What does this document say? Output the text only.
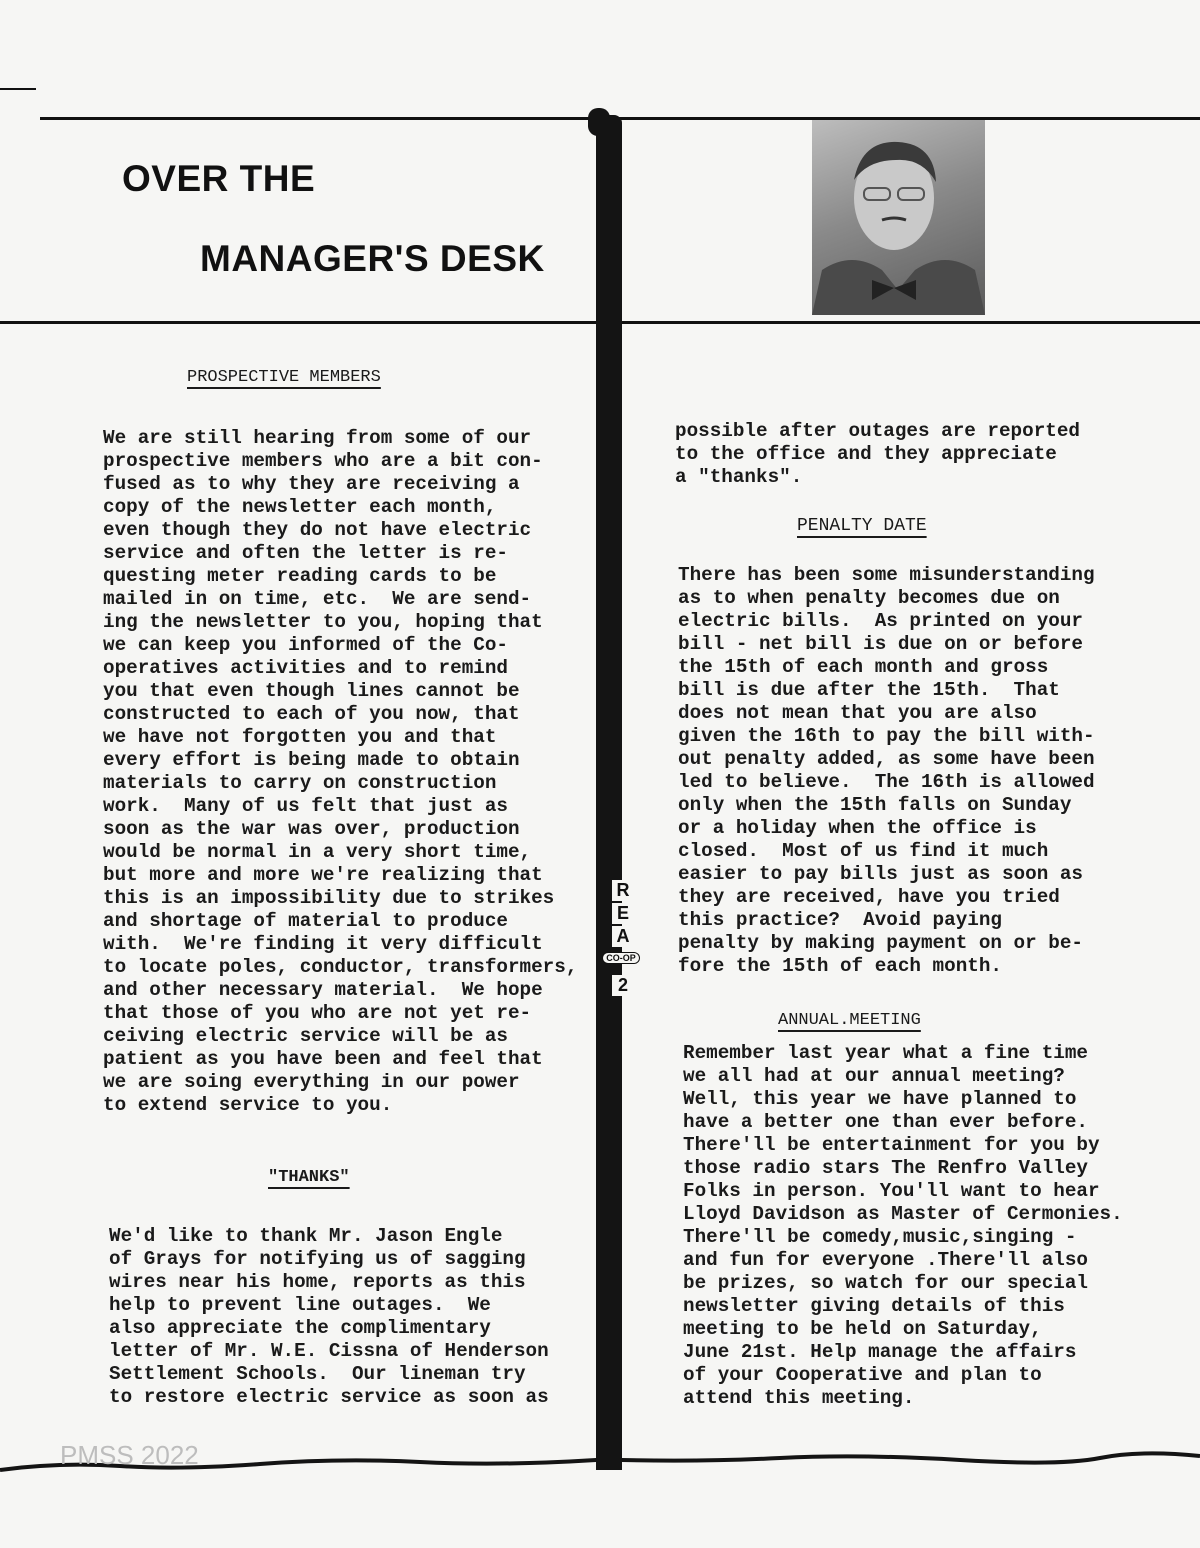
OVER THE
MANAGER'S DESK
R
E
A
CO-OP
2
PROSPECTIVE MEMBERS
We are still hearing from some of our
prospective members who are a bit con-
fused as to why they are receiving a
copy of the newsletter each month,
even though they do not have electric
service and often the letter is re-
questing meter reading cards to be
mailed in on time, etc.  We are send-
ing the newsletter to you, hoping that
we can keep you informed of the Co-
operatives activities and to remind
you that even though lines cannot be
constructed to each of you now, that
we have not forgotten you and that
every effort is being made to obtain
materials to carry on construction
work.  Many of us felt that just as
soon as the war was over, production
would be normal in a very short time,
but more and more we're realizing that
this is an impossibility due to strikes
and shortage of material to produce
with.  We're finding it very difficult
to locate poles, conductor, transformers,
and other necessary material.  We hope
that those of you who are not yet re-
ceiving electric service will be as
patient as you have been and feel that
we are soing everything in our power
to extend service to you.
"THANKS"
We'd like to thank Mr. Jason Engle
of Grays for notifying us of sagging
wires near his home, reports as this
help to prevent line outages.  We
also appreciate the complimentary
letter of Mr. W.E. Cissna of Henderson
Settlement Schools.  Our lineman try
to restore electric service as soon as
possible after outages are reported
to the office and they appreciate
a "thanks".
PENALTY DATE
There has been some misunderstanding
as to when penalty becomes due on
electric bills.  As printed on your
bill - net bill is due on or before
the 15th of each month and gross
bill is due after the 15th.  That
does not mean that you are also
given the 16th to pay the bill with-
out penalty added, as some have been
led to believe.  The 16th is allowed
only when the 15th falls on Sunday
or a holiday when the office is
closed.  Most of us find it much
easier to pay bills just as soon as
they are received, have you tried
this practice?  Avoid paying
penalty by making payment on or be-
fore the 15th of each month.
ANNUAL.MEETING
Remember last year what a fine time
we all had at our annual meeting?
Well, this year we have planned to
have a better one than ever before.
There'll be entertainment for you by
those radio stars The Renfro Valley
Folks in person. You'll want to hear
Lloyd Davidson as Master of Cermonies.
There'll be comedy,music,singing -
and fun for everyone .There'll also
be prizes, so watch for our special
newsletter giving details of this
meeting to be held on Saturday,
June 21st. Help manage the affairs
of your Cooperative and plan to
attend this meeting.
PMSS 2022
